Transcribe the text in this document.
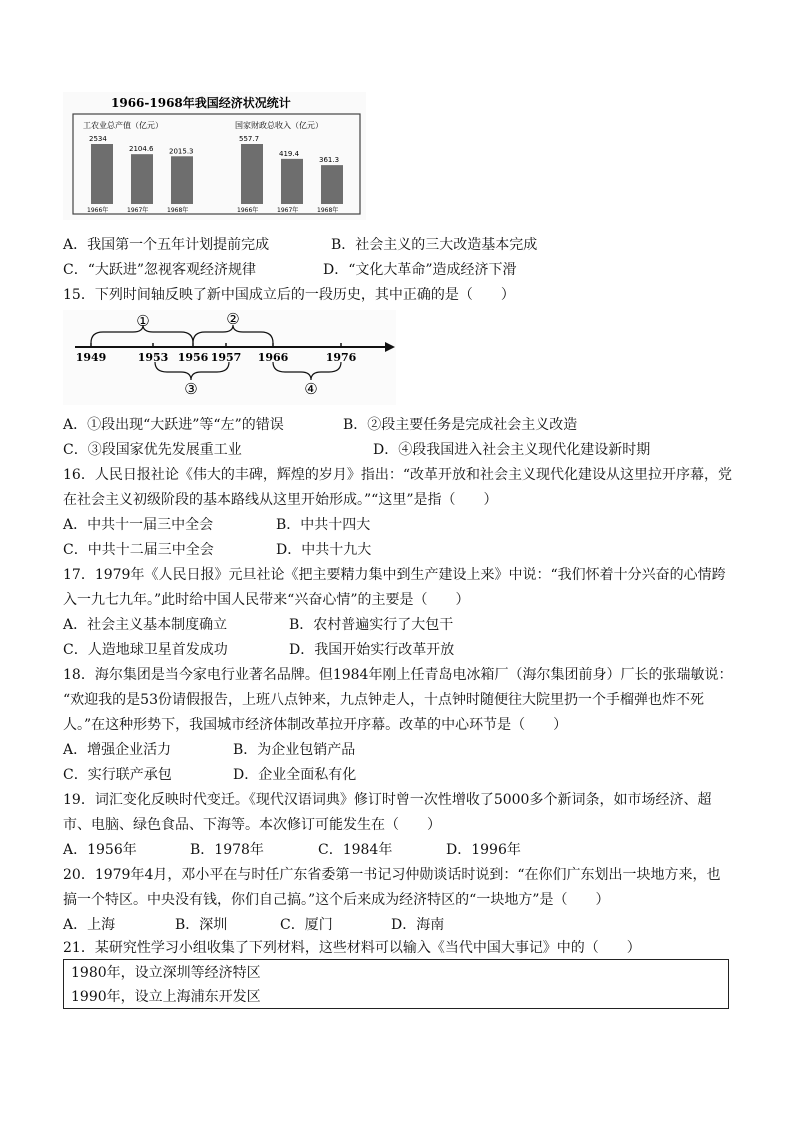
1966-1968年我国经济状况统计
工农业总产值（亿元）	国家财政总收入（亿元）
2534
1966年
2104.6
1967年
2015.3
1968年
557.7
1966年
419.4
1967年
361.3
1968年
A．我国第一个五年计划提前完成	B．社会主义的三大改造基本完成
C．“大跃进”忽视客观经济规律	D．“文化大革命”造成经济下滑
15．下列时间轴反映了新中国成立后的一段历史，其中正确的是（　　）
1949	1953 1956 1957 1966	1976
①	②
③	④
A．①段出现“大跃进”等“左”的错误	B．②段主要任务是完成社会主义改造
C．③段国家优先发展重工业	D．④段我国进入社会主义现代化建设新时期
16．人民日报社论《伟大的丰碑，辉煌的岁月》指出：“改革开放和社会主义现代化建设从这里拉开序幕，党
在社会主义初级阶段的基本路线从这里开始形成。”“这里”是指（　　）
A．中共十一届三中全会	B．中共十四大
C．中共十二届三中全会	D．中共十九大
17．1979年《人民日报》元旦社论《把主要精力集中到生产建设上来》中说：“我们怀着十分兴奋的心情跨
入一九七九年。”此时给中国人民带来“兴奋心情”的主要是（　　）
A．社会主义基本制度确立	B．农村普遍实行了大包干
C．人造地球卫星首发成功	D．我国开始实行改革开放
18．海尔集团是当今家电行业著名品牌。但1984年刚上任青岛电冰箱厂（海尔集团前身）厂长的张瑞敏说：
“欢迎我的是53份请假报告，上班八点钟来，九点钟走人，十点钟时随便往大院里扔一个手榴弹也炸不死
人。”在这种形势下，我国城市经济体制改革拉开序幕。改革的中心环节是（　　）
A．增强企业活力	B．为企业包销产品
C．实行联产承包	D．企业全面私有化
19．词汇变化反映时代变迁。《现代汉语词典》修订时曾一次性增收了5000多个新词条，如市场经济、超
市、电脑、绿色食品、下海等。本次修订可能发生在（　　）
A．1956年	B．1978年	C．1984年	D．1996年
20．1979年4月，邓小平在与时任广东省委第一书记习仲勋谈话时说到：“在你们广东划出一块地方来，也
搞一个特区。中央没有钱，你们自己搞。”这个后来成为经济特区的“一块地方”是（　　）
A．上海	B．深圳	C．厦门	D．海南
21．某研究性学习小组收集了下列材料，这些材料可以输入《当代中国大事记》中的（　　）
1980年，设立深圳等经济特区
1990年，设立上海浦东开发区
